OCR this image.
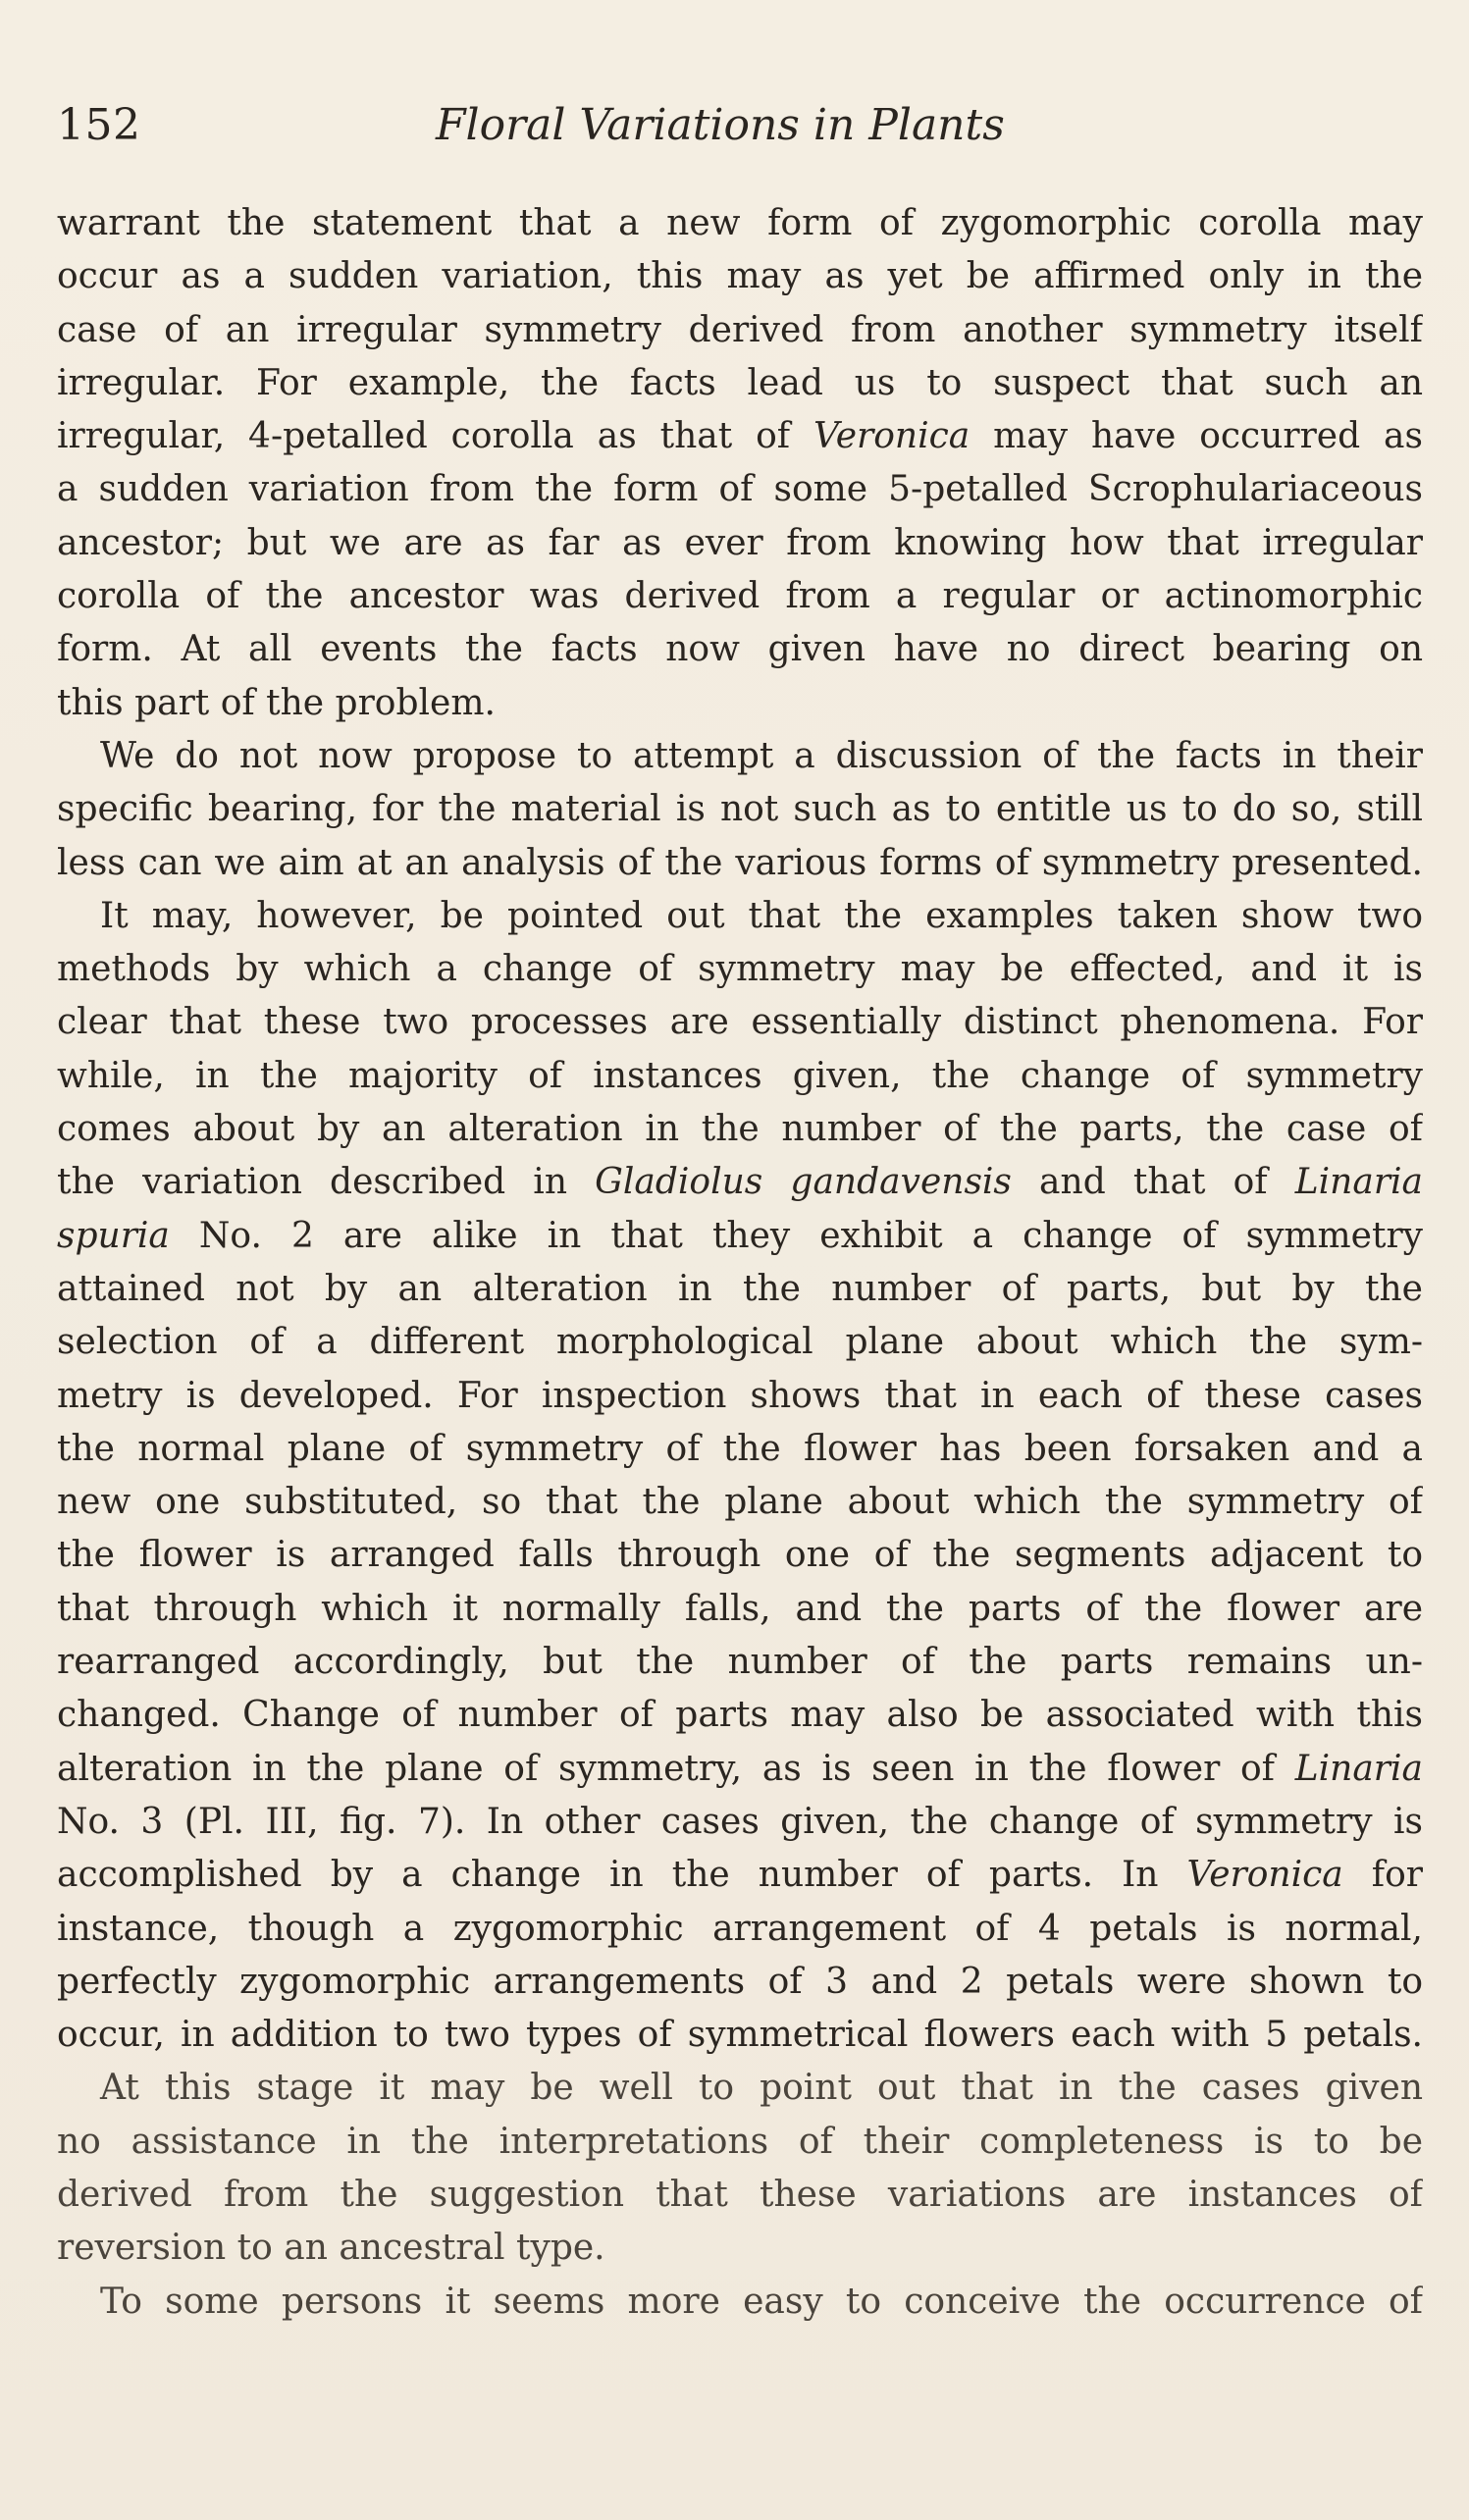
152	Floral Variations in Plants
warrant the statement that a new form of zygomorphic corolla may
occur as a sudden variation, this may as yet be affirmed only in the
case of an irregular symmetry derived from another symmetry itself
irregular. For example, the facts lead us to suspect that such an
irregular, 4-petalled corolla as that of Veronica may have occurred as
a sudden variation from the form of some 5-petalled Scrophulariaceous
ancestor; but we are as far as ever from knowing how that irregular
corolla of the ancestor was derived from a regular or actinomorphic
form. At all events the facts now given have no direct bearing on
this part of the problem.
We do not now propose to attempt a discussion of the facts in their
specific bearing, for the material is not such as to entitle us to do so, still
less can we aim at an analysis of the various forms of symmetry presented.
It may, however, be pointed out that the examples taken show two
methods by which a change of symmetry may be effected, and it is
clear that these two processes are essentially distinct phenomena. For
while, in the majority of instances given, the change of symmetry
comes about by an alteration in the number of the parts, the case of
the variation described in Gladiolus gandavensis and that of Linaria
spuria No. 2 are alike in that they exhibit a change of symmetry
attained not by an alteration in the number of parts, but by the
selection of a different morphological plane about which the sym-
metry is developed. For inspection shows that in each of these cases
the normal plane of symmetry of the flower has been forsaken and a
new one substituted, so that the plane about which the symmetry of
the flower is arranged falls through one of the segments adjacent to
that through which it normally falls, and the parts of the flower are
rearranged accordingly, but the number of the parts remains un-
changed. Change of number of parts may also be associated with this
alteration in the plane of symmetry, as is seen in the flower of Linaria
No. 3 (Pl. III, fig. 7). In other cases given, the change of symmetry is
accomplished by a change in the number of parts. In Veronica for
instance, though a zygomorphic arrangement of 4 petals is normal,
perfectly zygomorphic arrangements of 3 and 2 petals were shown to
occur, in addition to two types of symmetrical flowers each with 5 petals.
At this stage it may be well to point out that in the cases given
no assistance in the interpretations of their completeness is to be
derived from the suggestion that these variations are instances of
reversion to an ancestral type.
To some persons it seems more easy to conceive the occurrence of
